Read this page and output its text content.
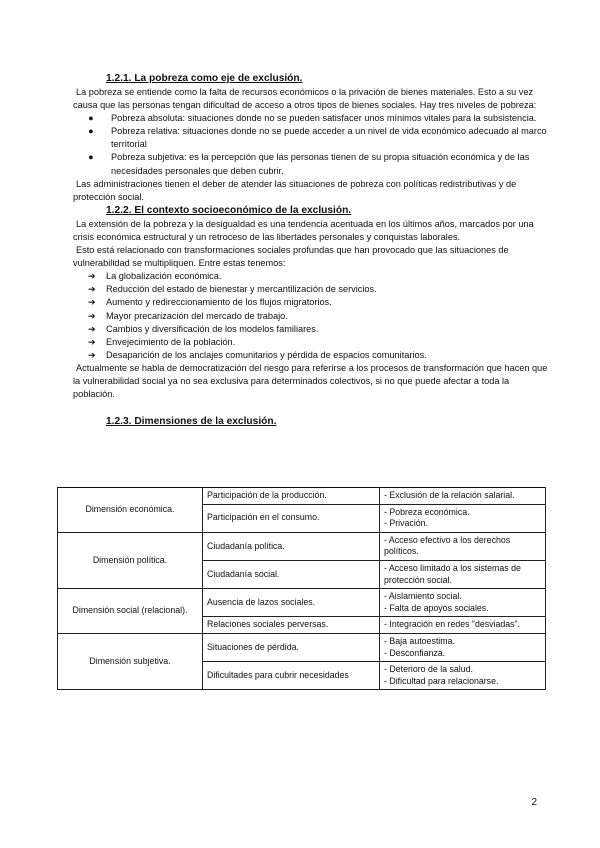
1.2.1. La pobreza como eje de exclusión.

La pobreza se entiende como la falta de recursos económicos o la privación de bienes materiales. Esto a su vez causa que las personas tengan dificultad de acceso a otros tipos de bienes sociales. Hay tres niveles de pobreza:

● Pobreza absoluta: situaciones donde no se pueden satisfacer unos mínimos vitales para la subsistencia.
● Pobreza relativa: situaciones donde no se puede acceder a un nivel de vida económico adecuado al marco territorial
● Pobreza subjetiva: es la percepción que las personas tienen de su propia situación económica y de las necesidades personales que deben cubrir.

Las administraciones tienen el deber de atender las situaciones de pobreza con políticas redistributivas y de protección social.

1.2.2. El contexto socioeconómico de la exclusión.

La extensión de la pobreza y la desigualdad es una tendencia acentuada en los últimos años, marcados por una crisis económica estructural y un retroceso de las libertades personales y conquistas laborales.

Esto está relacionado con transformaciones sociales profundas que han provocado que las situaciones de vulnerabilidad se multipliquen. Entre estas tenemos:

➔ La globalización económica.
➔ Reducción del estado de bienestar y mercantilización de servicios.
➔ Aumento y redireccionamiento de los flujos migratorios.
➔ Mayor precarización del mercado de trabajo.
➔ Cambios y diversificación de los modelos familiares.
➔ Envejecimiento de la población.
➔ Desaparición de los anclajes comunitarios y pérdida de espacios comunitarios.

Actualmente se habla de democratización del riesgo para referirse a los procesos de transformación que hacen que la vulnerabilidad social ya no sea exclusiva para determinados colectivos, si no que puede afectar a toda la población.

1.2.3. Dimensiones de la exclusión.
Dimensión económica.	Participación de la producción.	- Exclusión de la relación salarial.

	Participación en el consumo.	- Pobreza económica.
- Privación.

Dimensión política.	Ciudadanía política.	- Acceso efectivo a los derechos políticos.

	Ciudadanía social.	- Acceso limitado a los sistemas de protección social.

Dimensión social (relacional).	Ausencia de lazos sociales.	- Aislamiento social.
- Falta de apoyos sociales.

	Relaciones sociales perversas.	- Integración en redes “desviadas”.

Dimensión subjetiva.	Situaciones de pérdida.	- Baja autoestima.
- Desconfianza.

	Dificultades para cubrir necesidades	- Deterioro de la salud.
- Dificultad para relacionarse.
2
